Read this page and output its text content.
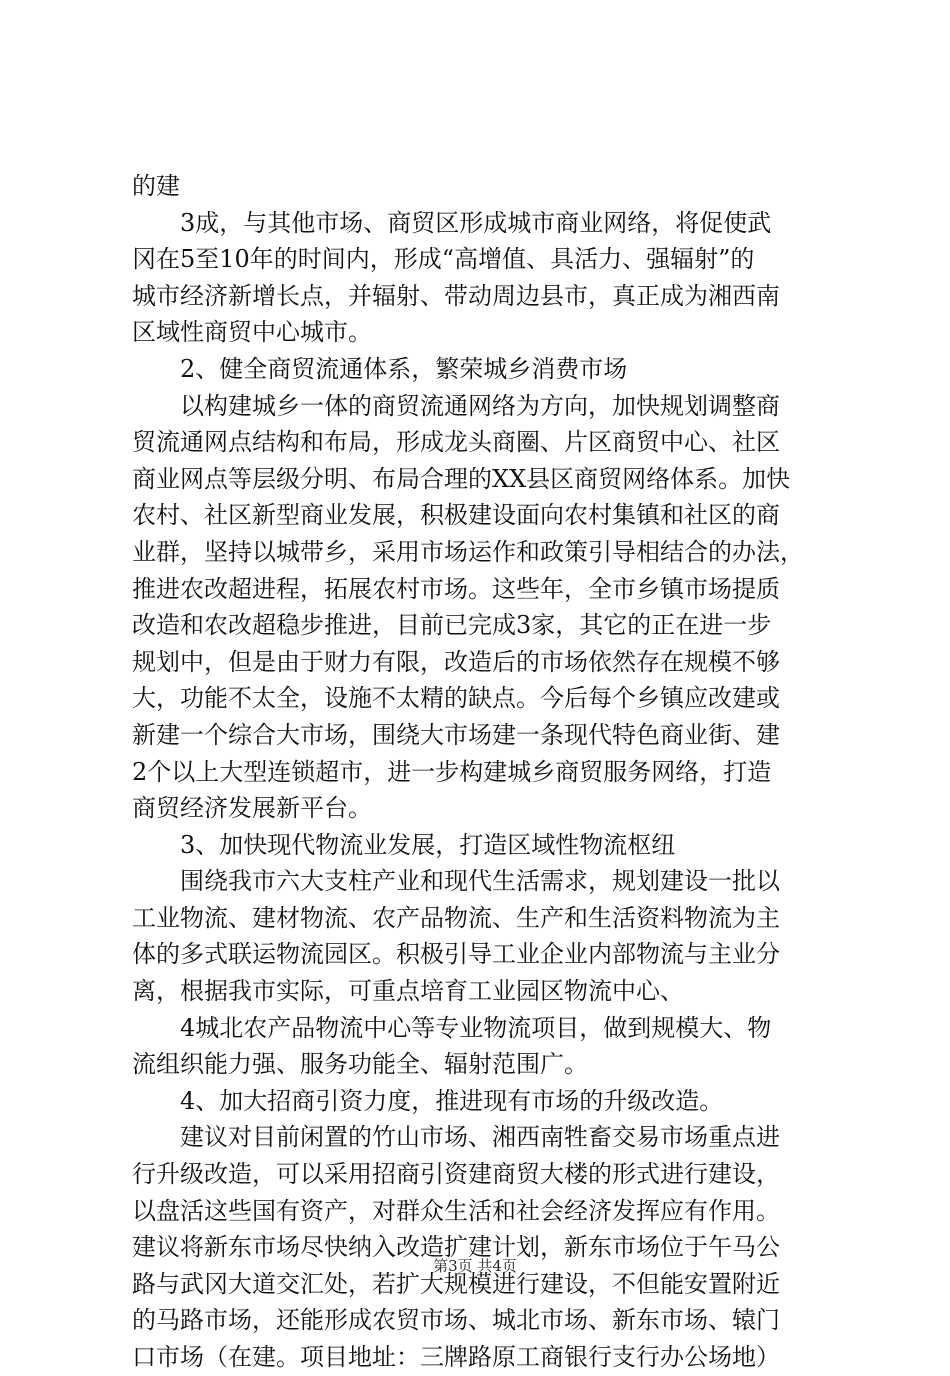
的建
3成，与其他市场、商贸区形成城市商业网络，将促使武
冈在5至10年的时间内，形成“高增值、具活力、强辐射”的
城市经济新增长点，并辐射、带动周边县市，真正成为湘西南
区域性商贸中心城市。
2、健全商贸流通体系，繁荣城乡消费市场
以构建城乡一体的商贸流通网络为方向，加快规划调整商
贸流通网点结构和布局，形成龙头商圈、片区商贸中心、社区
商业网点等层级分明、布局合理的XX县区商贸网络体系。加快
农村、社区新型商业发展，积极建设面向农村集镇和社区的商
业群，坚持以城带乡，采用市场运作和政策引导相结合的办法，
推进农改超进程，拓展农村市场。这些年，全市乡镇市场提质
改造和农改超稳步推进，目前已完成3家，其它的正在进一步
规划中，但是由于财力有限，改造后的市场依然存在规模不够
大，功能不太全，设施不太精的缺点。今后每个乡镇应改建或
新建一个综合大市场，围绕大市场建一条现代特色商业街、建
2个以上大型连锁超市，进一步构建城乡商贸服务网络，打造
商贸经济发展新平台。
3、加快现代物流业发展，打造区域性物流枢纽
围绕我市六大支柱产业和现代生活需求，规划建设一批以
工业物流、建材物流、农产品物流、生产和生活资料物流为主
体的多式联运物流园区。积极引导工业企业内部物流与主业分
离，根据我市实际，可重点培育工业园区物流中心、
4城北农产品物流中心等专业物流项目，做到规模大、物
流组织能力强、服务功能全、辐射范围广。
4、加大招商引资力度，推进现有市场的升级改造。
建议对目前闲置的竹山市场、湘西南牲畜交易市场重点进
行升级改造，可以采用招商引资建商贸大楼的形式进行建设，
以盘活这些国有资产，对群众生活和社会经济发挥应有作用。
建议将新东市场尽快纳入改造扩建计划，新东市场位于午马公
路与武冈大道交汇处，若扩大规模进行建设，不但能安置附近
的马路市场，还能形成农贸市场、城北市场、新东市场、辕门
口市场（在建。项目地址：三牌路原工商银行支行办公场地）
第3页 共4页
